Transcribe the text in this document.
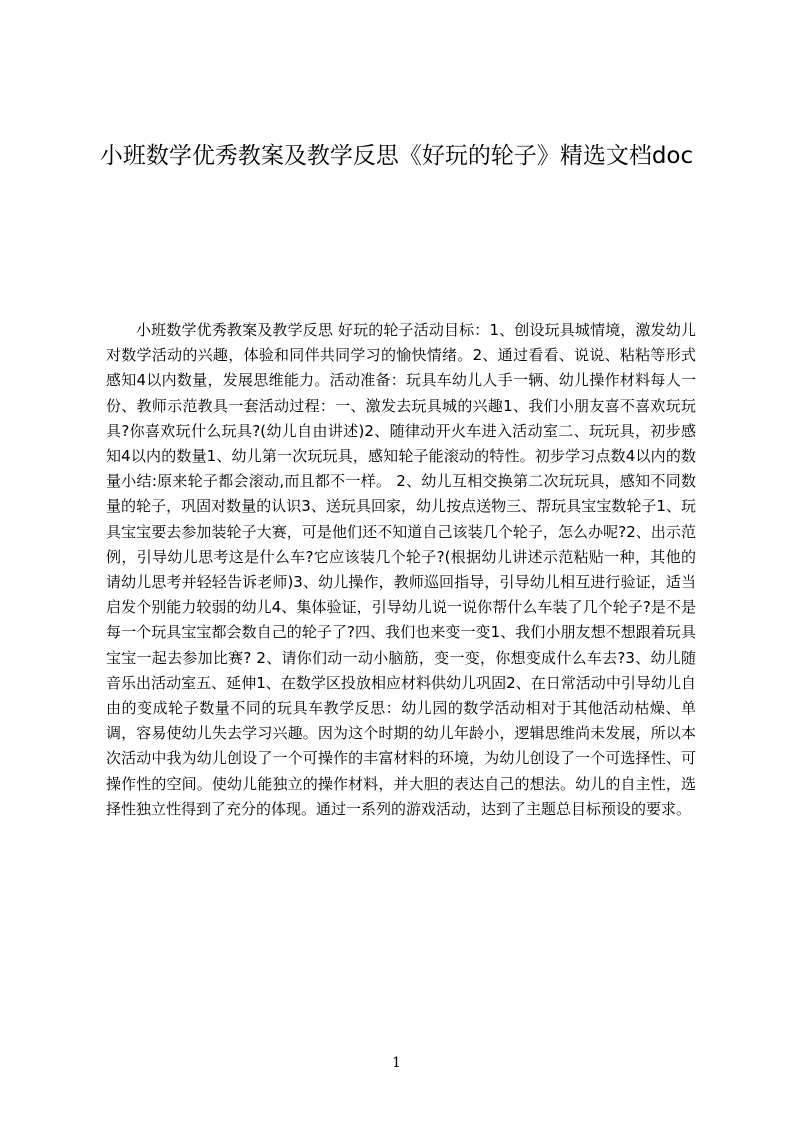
小班数学优秀教案及教学反思《好玩的轮子》精选文档doc

小班数学优秀教案及教学反思 好玩的轮子活动目标：1、创设玩具城情境，激发幼儿对数学活动的兴趣，体验和同伴共同学习的愉快情绪。2、通过看看、说说、粘粘等形式感知4以内数量，发展思维能力。活动准备：玩具车幼儿人手一辆、幼儿操作材料每人一份、教师示范教具一套活动过程：一、激发去玩具城的兴趣1、我们小朋友喜不喜欢玩玩具?你喜欢玩什么玩具?(幼儿自由讲述)2、随律动开火车进入活动室二、玩玩具，初步感知4以内的数量1、幼儿第一次玩玩具，感知轮子能滚动的特性。初步学习点数4以内的数量小结:原来轮子都会滚动,而且都不一样。 2、幼儿互相交换第二次玩玩具，感知不同数量的轮子，巩固对数量的认识3、送玩具回家，幼儿按点送物三、帮玩具宝宝数轮子1、玩具宝宝要去参加装轮子大赛，可是他们还不知道自己该装几个轮子，怎么办呢?2、出示范例，引导幼儿思考这是什么车?它应该装几个轮子?(根据幼儿讲述示范粘贴一种，其他的请幼儿思考并轻轻告诉老师)3、幼儿操作，教师巡回指导，引导幼儿相互进行验证，适当启发个别能力较弱的幼儿4、集体验证，引导幼儿说一说你帮什么车装了几个轮子?是不是每一个玩具宝宝都会数自己的轮子了?四、我们也来变一变1、我们小朋友想不想跟着玩具宝宝一起去参加比赛? 2、请你们动一动小脑筋，变一变，你想变成什么车去?3、幼儿随音乐出活动室五、延伸1、在数学区投放相应材料供幼儿巩固2、在日常活动中引导幼儿自由的变成轮子数量不同的玩具车教学反思：幼儿园的数学活动相对于其他活动枯燥、单调，容易使幼儿失去学习兴趣。因为这个时期的幼儿年龄小，逻辑思维尚未发展，所以本次活动中我为幼儿创设了一个可操作的丰富材料的环境，为幼儿创设了一个可选择性、可操作性的空间。使幼儿能独立的操作材料，并大胆的表达自己的想法。幼儿的自主性，选择性独立性得到了充分的体现。通过一系列的游戏活动，达到了主题总目标预设的要求。

1
